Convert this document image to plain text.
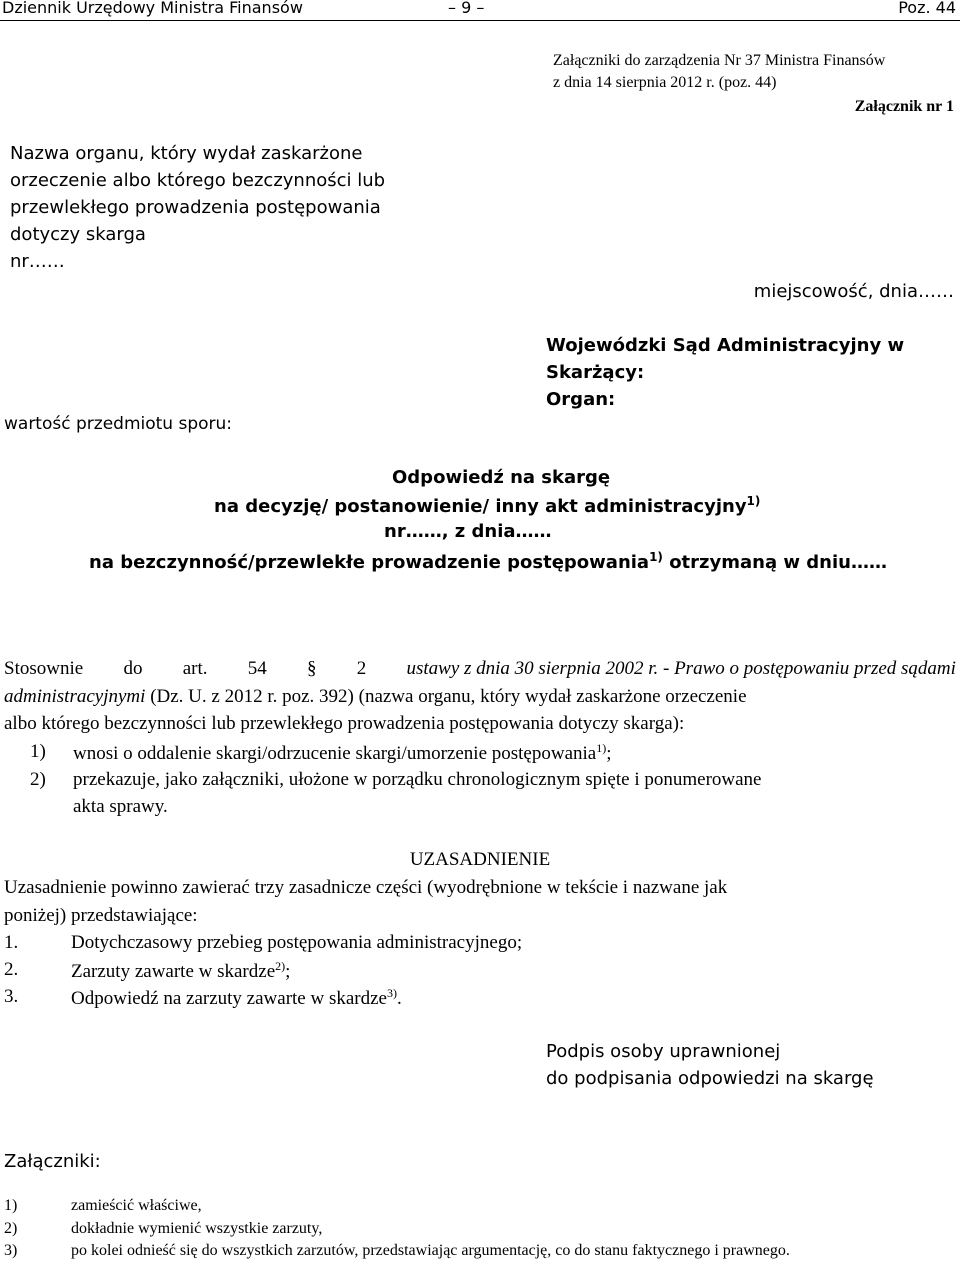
Dziennik Urzędowy Ministra Finansów	– 9 –	Poz. 44
Załączniki do zarządzenia Nr 37 Ministra Finansów
z dnia 14 sierpnia 2012 r. (poz. 44)
Załącznik nr 1
Nazwa organu, który wydał zaskarżone
orzeczenie albo którego bezczynności lub
przewlekłego prowadzenia postępowania
dotyczy skarga
nr……
miejscowość, dnia……
Wojewódzki Sąd Administracyjny w
Skarżący:
Organ:
wartość przedmiotu sporu:
Odpowiedź na skargę
na decyzję/ postanowienie/ inny akt administracyjny$^{1)}$
nr……, z dnia……
na bezczynność/przewlekłe prowadzenie postępowania$^{1)}$ otrzymaną w dniu……
Stosownie do art. 54 § 2 ustawy z dnia 30 sierpnia 2002 r. - Prawo o postępowaniu przed sądami
administracyjnymi (Dz. U. z 2012 r. poz. 392) (nazwa organu, który wydał zaskarżone orzeczenie
albo którego bezczynności lub przewlekłego prowadzenia postępowania dotyczy skarga):
1) wnosi o oddalenie skargi/odrzucenie skargi/umorzenie postępowania$^{1)}$;
2) przekazuje, jako załączniki, ułożone w porządku chronologicznym spięte i ponumerowane
akta sprawy.
UZASADNIENIE
Uzasadnienie powinno zawierać trzy zasadnicze części (wyodrębnione w tekście i nazwane jak
poniżej) przedstawiające:
1.	Dotychczasowy przebieg postępowania administracyjnego;
2.	Zarzuty zawarte w skardze$^{2)}$;
3.	Odpowiedź na zarzuty zawarte w skardze$^{3)}$.
Podpis osoby uprawnionej
do podpisania odpowiedzi na skargę
Załączniki:
1)	zamieścić właściwe,
2)	dokładnie wymienić wszystkie zarzuty,
3)	po kolei odnieść się do wszystkich zarzutów, przedstawiając argumentację, co do stanu faktycznego i prawnego.
